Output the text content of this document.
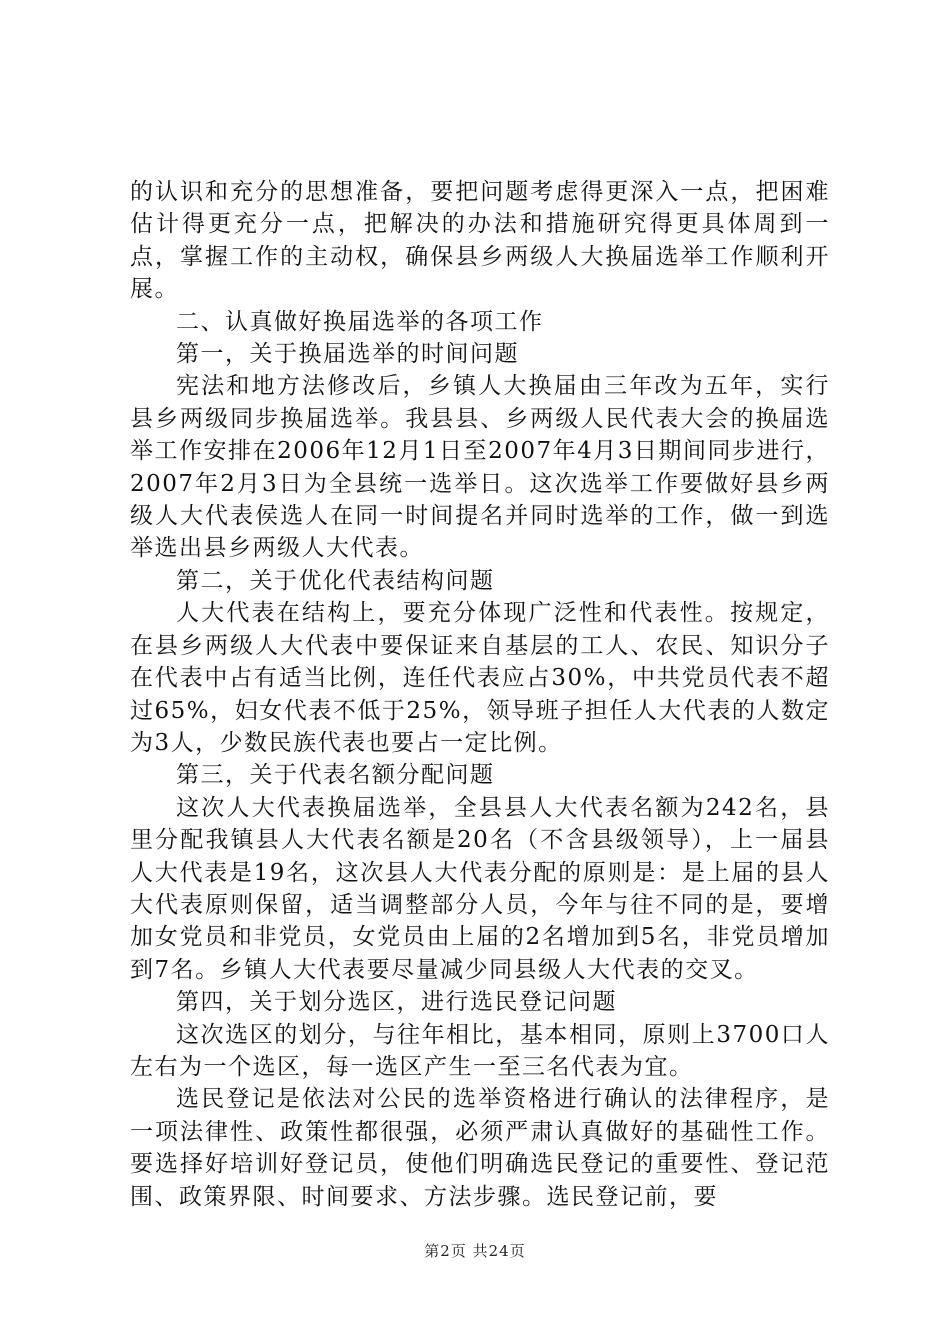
的认识和充分的思想准备，要把问题考虑得更深入一点，把困难估计得更充分一点，把解决的办法和措施研究得更具体周到一点，掌握工作的主动权，确保县乡两级人大换届选举工作顺利开展。

二、认真做好换届选举的各项工作

第一，关于换届选举的时间问题

宪法和地方法修改后，乡镇人大换届由三年改为五年，实行县乡两级同步换届选举。我县县、乡两级人民代表大会的换届选举工作安排在2006年12月1日至2007年4月3日期间同步进行，2007年2月3日为全县统一选举日。这次选举工作要做好县乡两级人大代表侯选人在同一时间提名并同时选举的工作，做一到选举选出县乡两级人大代表。

第二，关于优化代表结构问题

人大代表在结构上，要充分体现广泛性和代表性。按规定，在县乡两级人大代表中要保证来自基层的工人、农民、知识分子在代表中占有适当比例，连任代表应占30%，中共党员代表不超过65%，妇女代表不低于25%，领导班子担任人大代表的人数定为3人，少数民族代表也要占一定比例。

第三，关于代表名额分配问题

这次人大代表换届选举，全县县人大代表名额为242名，县里分配我镇县人大代表名额是20名（不含县级领导），上一届县人大代表是19名，这次县人大代表分配的原则是：是上届的县人大代表原则保留，适当调整部分人员，今年与往不同的是，要增加女党员和非党员，女党员由上届的2名增加到5名，非党员增加到7名。乡镇人大代表要尽量减少同县级人大代表的交叉。

第四，关于划分选区，进行选民登记问题

这次选区的划分，与往年相比，基本相同，原则上3700口人左右为一个选区，每一选区产生一至三名代表为宜。

选民登记是依法对公民的选举资格进行确认的法律程序，是一项法律性、政策性都很强，必须严肃认真做好的基础性工作。要选择好培训好登记员，使他们明确选民登记的重要性、登记范围、政策界限、时间要求、方法步骤。选民登记前，要

第2页 共24页
